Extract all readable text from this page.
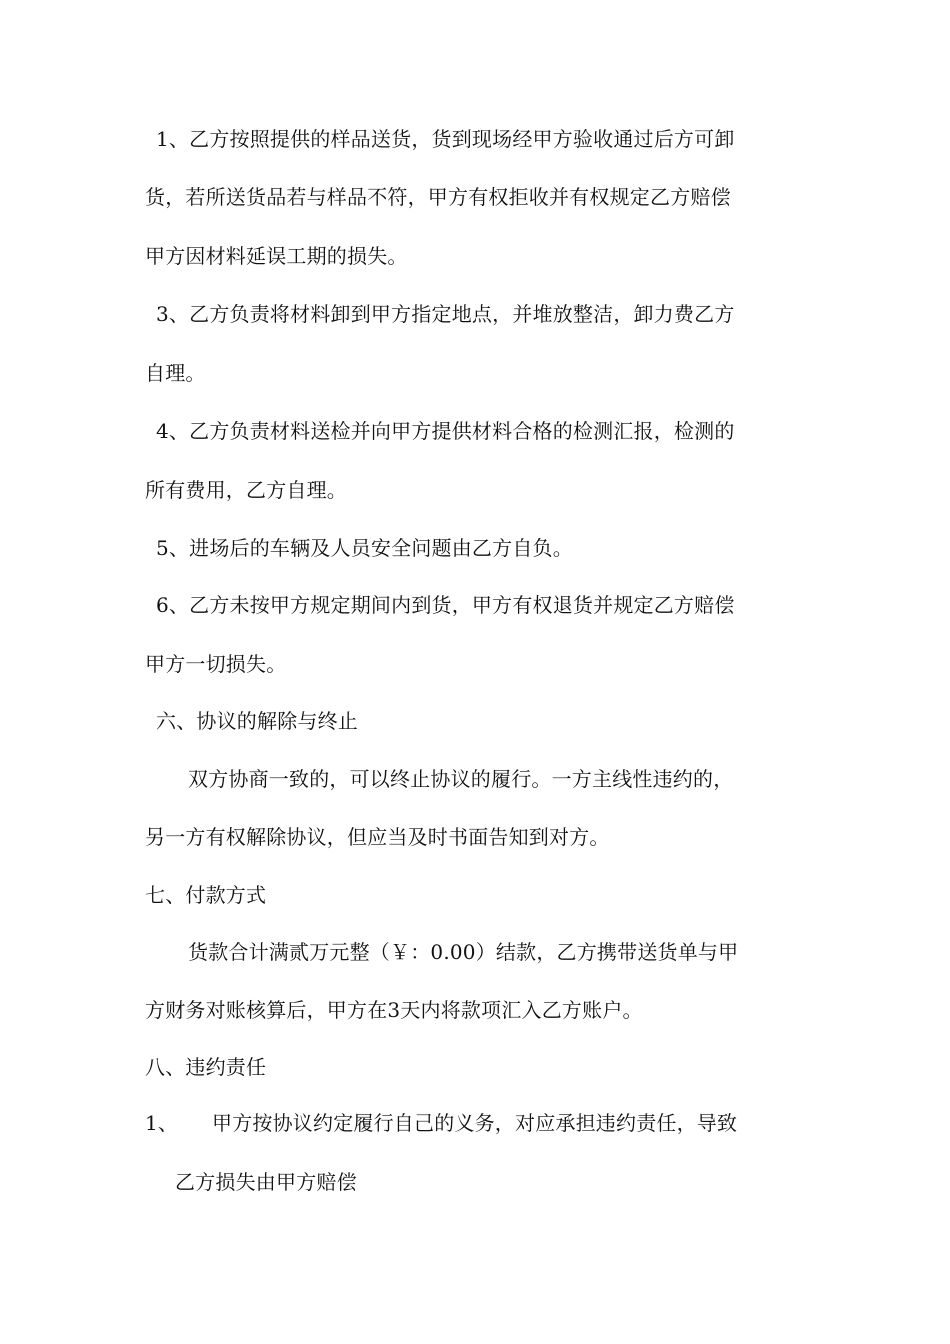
1、乙方按照提供的样品送货，货到现场经甲方验收通过后方可卸
货，若所送货品若与样品不符，甲方有权拒收并有权规定乙方赔偿
甲方因材料延误工期的损失。
3、乙方负责将材料卸到甲方指定地点，并堆放整洁，卸力费乙方
自理。
4、乙方负责材料送检并向甲方提供材料合格的检测汇报，检测的
所有费用，乙方自理。
5、进场后的车辆及人员安全问题由乙方自负。
6、乙方未按甲方规定期间内到货，甲方有权退货并规定乙方赔偿
甲方一切损失。
六、协议的解除与终止
双方协商一致的，可以终止协议的履行。一方主线性违约的，
另一方有权解除协议，但应当及时书面告知到对方。
七、付款方式
货款合计满贰万元整（￥：0.00）结款，乙方携带送货单与甲
方财务对账核算后，甲方在3天内将款项汇入乙方账户。
八、违约责任
1、 甲方按协议约定履行自己的义务，对应承担违约责任，导致
乙方损失由甲方赔偿
